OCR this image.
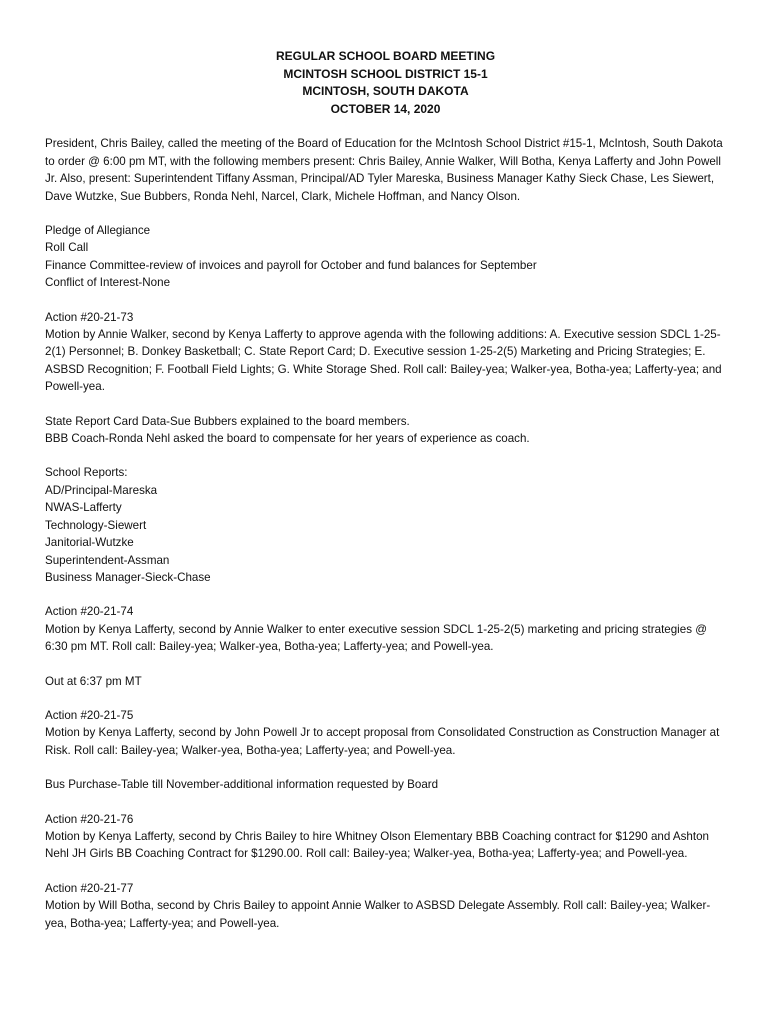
REGULAR SCHOOL BOARD MEETING
MCINTOSH SCHOOL DISTRICT 15-1
MCINTOSH, SOUTH DAKOTA
OCTOBER 14, 2020

President, Chris Bailey, called the meeting of the Board of Education for the McIntosh School District #15-1, McIntosh, South Dakota to order @ 6:00 pm MT, with the following members present: Chris Bailey, Annie Walker, Will Botha, Kenya Lafferty and John Powell Jr. Also, present: Superintendent Tiffany Assman, Principal/AD Tyler Mareska, Business Manager Kathy Sieck Chase, Les Siewert, Dave Wutzke, Sue Bubbers, Ronda Nehl, Narcel, Clark, Michele Hoffman, and Nancy Olson.

Pledge of Allegiance
Roll Call
Finance Committee-review of invoices and payroll for October and fund balances for September
Conflict of Interest-None
Action #20-21-73

Motion by Annie Walker, second by Kenya Lafferty to approve agenda with the following additions: A. Executive session SDCL 1-25-2(1) Personnel; B. Donkey Basketball; C. State Report Card; D. Executive session 1-25-2(5) Marketing and Pricing Strategies; E. ASBSD Recognition; F. Football Field Lights; G. White Storage Shed. Roll call: Bailey-yea; Walker-yea, Botha-yea; Lafferty-yea; and Powell-yea.

State Report Card Data-Sue Bubbers explained to the board members.
BBB Coach-Ronda Nehl asked the board to compensate for her years of experience as coach.
School Reports:
AD/Principal-Mareska
NWAS-Lafferty
Technology-Siewert
Janitorial-Wutzke
Superintendent-Assman
Business Manager-Sieck-Chase
Action #20-21-74

Motion by Kenya Lafferty, second by Annie Walker to enter executive session SDCL 1-25-2(5) marketing and pricing strategies @ 6:30 pm MT. Roll call: Bailey-yea; Walker-yea, Botha-yea; Lafferty-yea; and Powell-yea.

Out at 6:37 pm MT
Action #20-21-75

Motion by Kenya Lafferty, second by John Powell Jr to accept proposal from Consolidated Construction as Construction Manager at Risk. Roll call: Bailey-yea; Walker-yea, Botha-yea; Lafferty-yea; and Powell-yea.

Bus Purchase-Table till November-additional information requested by Board
Action #20-21-76

Motion by Kenya Lafferty, second by Chris Bailey to hire Whitney Olson Elementary BBB Coaching contract for $1290 and Ashton Nehl JH Girls BB Coaching Contract for $1290.00. Roll call: Bailey-yea; Walker-yea, Botha-yea; Lafferty-yea; and Powell-yea.

Action #20-21-77

Motion by Will Botha, second by Chris Bailey to appoint Annie Walker to ASBSD Delegate Assembly. Roll call: Bailey-yea; Walker-yea, Botha-yea; Lafferty-yea; and Powell-yea.
